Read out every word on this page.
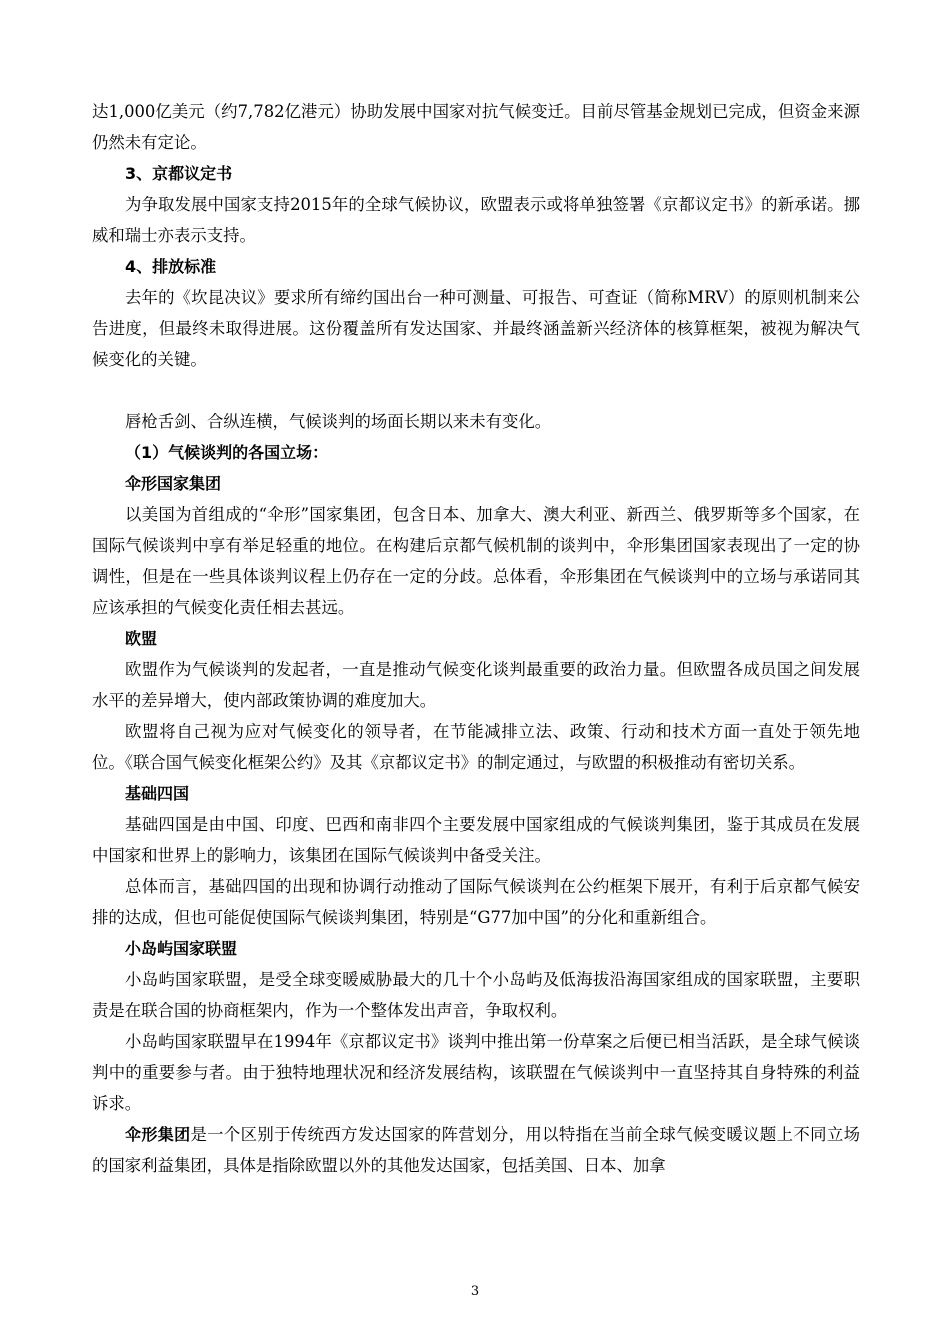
达1,000亿美元（约7,782亿港元）协助发展中国家对抗气候变迁。目前尽管基金规划已完成，但资金来源仍然未有定论。

3、京都议定书

为争取发展中国家支持2015年的全球气候协议，欧盟表示或将单独签署《京都议定书》的新承诺。挪威和瑞士亦表示支持。

4、排放标准

去年的《坎昆决议》要求所有缔约国出台一种可测量、可报告、可查证（简称MRV）的原则机制来公告进度，但最终未取得进展。这份覆盖所有发达国家、并最终涵盖新兴经济体的核算框架，被视为解决气候变化的关键。

唇枪舌剑、合纵连横，气候谈判的场面长期以来未有变化。

（1）气候谈判的各国立场：

伞形国家集团

以美国为首组成的“伞形”国家集团，包含日本、加拿大、澳大利亚、新西兰、俄罗斯等多个国家，在国际气候谈判中享有举足轻重的地位。在构建后京都气候机制的谈判中，伞形集团国家表现出了一定的协调性，但是在一些具体谈判议程上仍存在一定的分歧。总体看，伞形集团在气候谈判中的立场与承诺同其应该承担的气候变化责任相去甚远。

欧盟

欧盟作为气候谈判的发起者，一直是推动气候变化谈判最重要的政治力量。但欧盟各成员国之间发展水平的差异增大，使内部政策协调的难度加大。

欧盟将自己视为应对气候变化的领导者，在节能减排立法、政策、行动和技术方面一直处于领先地位。《联合国气候变化框架公约》及其《京都议定书》的制定通过，与欧盟的积极推动有密切关系。

基础四国

基础四国是由中国、印度、巴西和南非四个主要发展中国家组成的气候谈判集团，鉴于其成员在发展中国家和世界上的影响力，该集团在国际气候谈判中备受关注。

总体而言，基础四国的出现和协调行动推动了国际气候谈判在公约框架下展开，有利于后京都气候安排的达成，但也可能促使国际气候谈判集团，特别是“G77加中国”的分化和重新组合。

小岛屿国家联盟

小岛屿国家联盟，是受全球变暖威胁最大的几十个小岛屿及低海拔沿海国家组成的国家联盟，主要职责是在联合国的协商框架内，作为一个整体发出声音，争取权利。

小岛屿国家联盟早在1994年《京都议定书》谈判中推出第一份草案之后便已相当活跃，是全球气候谈判中的重要参与者。由于独特地理状况和经济发展结构，该联盟在气候谈判中一直坚持其自身特殊的利益诉求。

伞形集团是一个区别于传统西方发达国家的阵营划分，用以特指在当前全球气候变暖议题上不同立场的国家利益集团，具体是指除欧盟以外的其他发达国家，包括美国、日本、加拿

3
